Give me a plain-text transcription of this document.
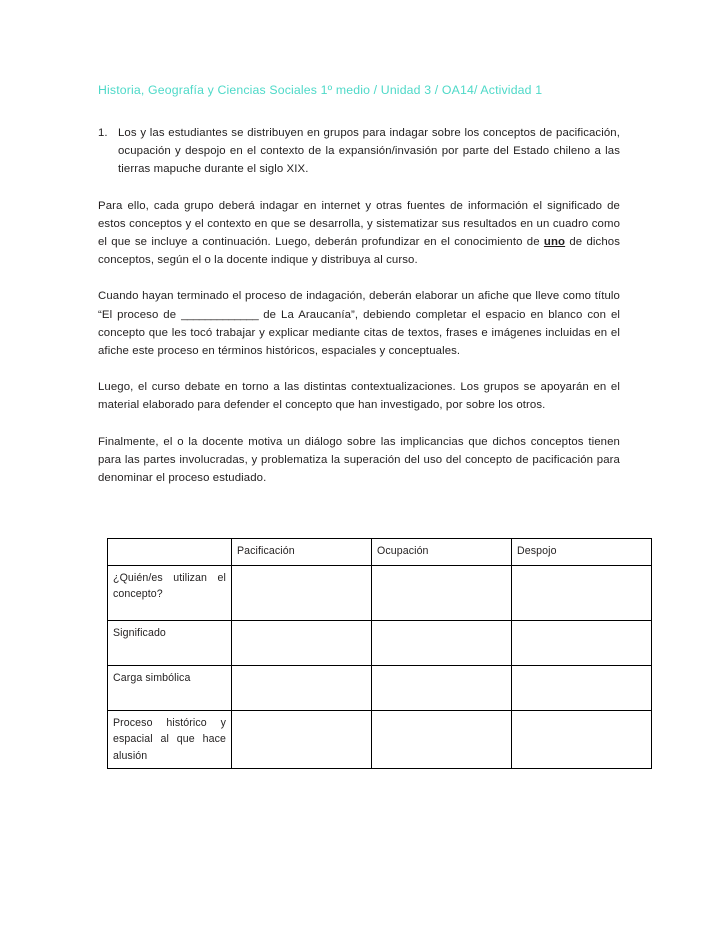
Historia, Geografía y Ciencias Sociales 1º medio / Unidad 3 / OA14/ Actividad 1
1. Los y las estudiantes se distribuyen en grupos para indagar sobre los conceptos de pacificación, ocupación y despojo en el contexto de la expansión/invasión por parte del Estado chileno a las tierras mapuche durante el siglo XIX.

Para ello, cada grupo deberá indagar en internet y otras fuentes de información el significado de estos conceptos y el contexto en que se desarrolla, y sistematizar sus resultados en un cuadro como el que se incluye a continuación. Luego, deberán profundizar en el conocimiento de uno de dichos conceptos, según el o la docente indique y distribuya al curso.

Cuando hayan terminado el proceso de indagación, deberán elaborar un afiche que lleve como título “El proceso de _____________ de La Araucanía”, debiendo completar el espacio en blanco con el concepto que les tocó trabajar y explicar mediante citas de textos, frases e imágenes incluidas en el afiche este proceso en términos históricos, espaciales y conceptuales.

Luego, el curso debate en torno a las distintas contextualizaciones. Los grupos se apoyarán en el material elaborado para defender el concepto que han investigado, por sobre los otros.

Finalmente, el o la docente motiva un diálogo sobre las implicancias que dichos conceptos tienen para las partes involucradas, y problematiza la superación del uso del concepto de pacificación para denominar el proceso estudiado.

	Pacificación	Ocupación	Despojo
¿Quién/es utilizan el concepto?			
Significado			
Carga simbólica			
Proceso histórico y espacial al que hace alusión			
